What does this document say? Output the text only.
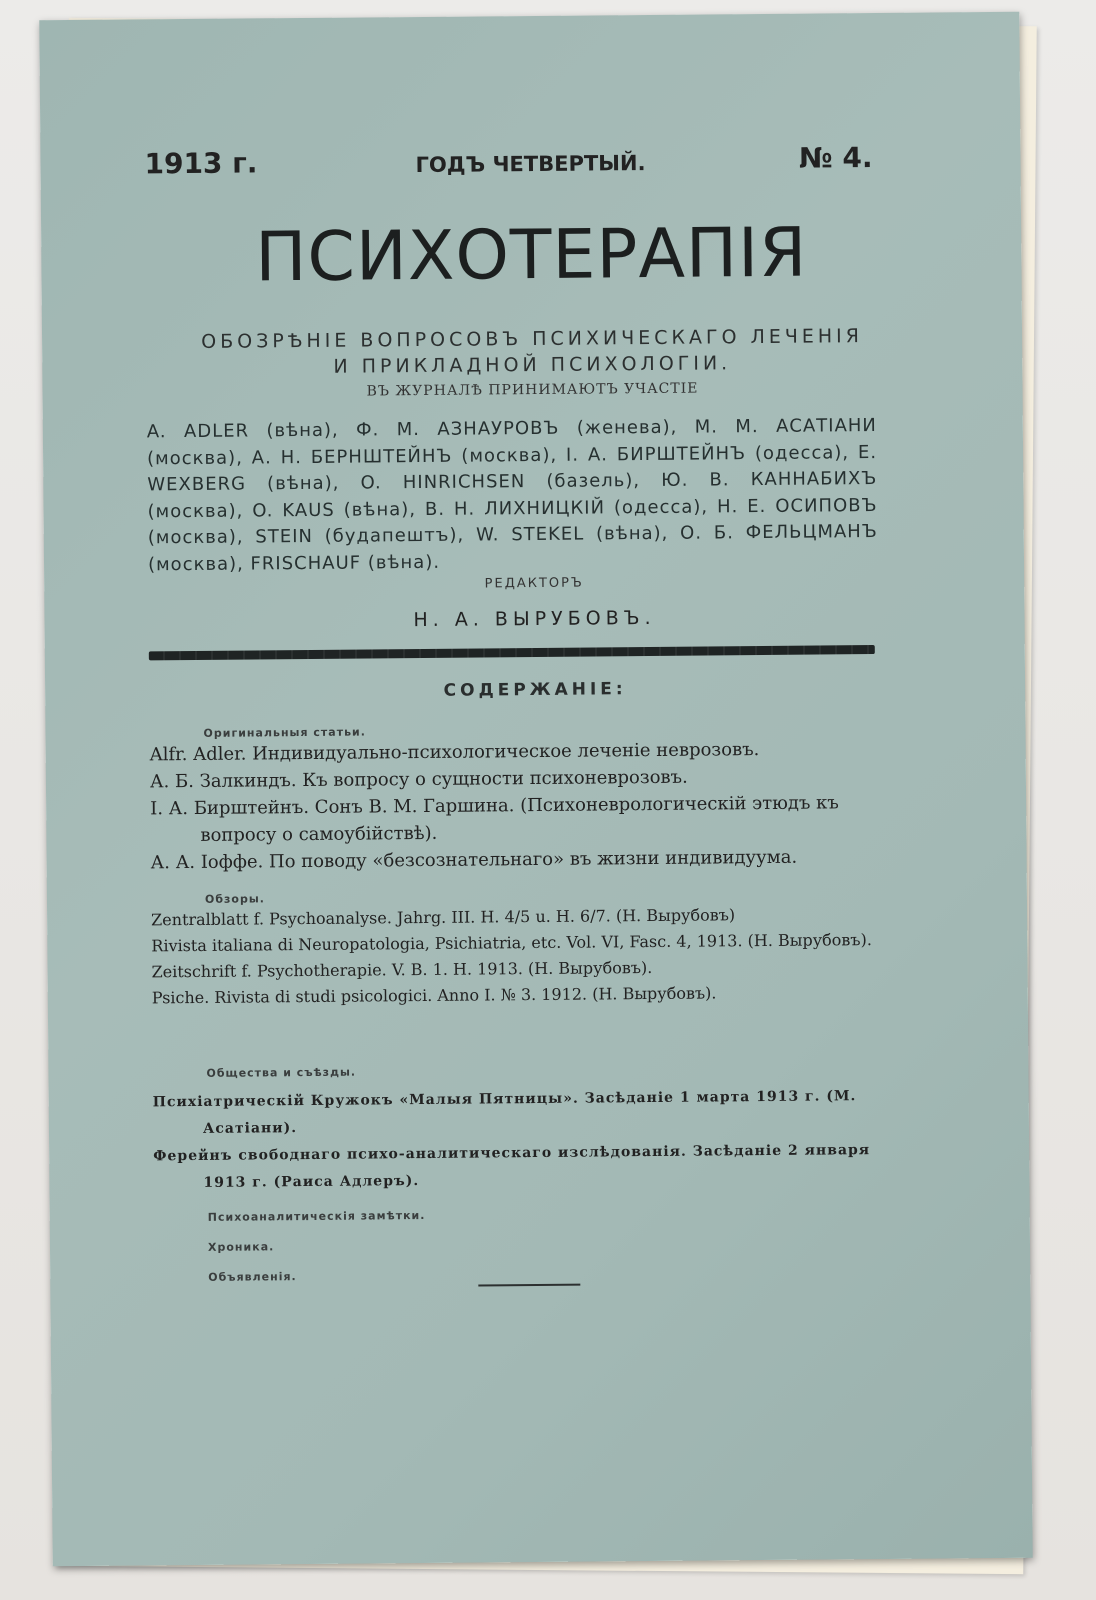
1913 г.	ГОДЪ ЧЕТВЕРТЫЙ.	№ 4.
ПСИХОТЕРАПІЯ
ОБОЗРѢНІЕ ВОПРОСОВЪ ПСИХИЧЕСКАГО ЛЕЧЕНІЯ
И ПРИКЛАДНОЙ ПСИХОЛОГІИ.
ВЪ ЖУРНАЛѢ ПРИНИМАЮТЪ УЧАСТІЕ
A. ADLER (вѣна), Ф. М. АЗНАУРОВЪ (женева), М. М. АСАТІАНИ (москва), А. Н. БЕРНШТЕЙНЪ (москва), І. А. БИРШТЕЙНЪ (одесса), E. WEXBERG (вѣна), O. HINRICHSEN (базель), Ю. В. КАННАБИХЪ (москва), O. KAUS (вѣна), В. Н. ЛИХНИЦКІЙ (одесса), Н. Е. ОСИПОВЪ (москва), STEIN (будапештъ), W. STEKEL (вѣна), О. Б. ФЕЛЬЦМАНЪ (москва), FRISCHAUF (вѣна).
РЕДАКТОРЪ
Н. А. ВЫРУБОВЪ.
СОДЕРЖАНІЕ:
Оригинальныя статьи.

Alfr. Adler. Индивидуально-психологическое леченіе неврозовъ.

А. Б. Залкиндъ. Къ вопросу о сущности психоневрозовъ.

І. А. Бирштейнъ. Сонъ В. М. Гаршина. (Психоневрологическій этюдъ къ вопросу о самоубійствѣ).

А. А. Іоффе. По поводу «безсознательнаго» въ жизни индивидуума.

Обзоры.

Zentralblatt f. Psychoanalyse. Jahrg. III. H. 4/5 u. H. 6/7. (Н. Вырубовъ)

Rivista italiana di Neuropatologia, Psichiatria, etc. Vol. VI, Fasc. 4, 1913. (Н. Вырубовъ).

Zeitschrift f. Psychotherapie. V. B. 1. H. 1913. (Н. Вырубовъ).

Psiche. Rivista di studi psicologici. Anno I. № 3. 1912. (Н. Вырубовъ).

Общества и съѣзды.

Психіатрическій Кружокъ «Малыя Пятницы». Засѣданіе 1 марта 1913 г. (М. Асатіани).

Ферейнъ свободнаго психо-аналитическаго изслѣдованія. Засѣданіе 2 января 1913 г. (Раиса Адлеръ).

Психоаналитическія замѣтки.
Хроника.
Объявленія.
